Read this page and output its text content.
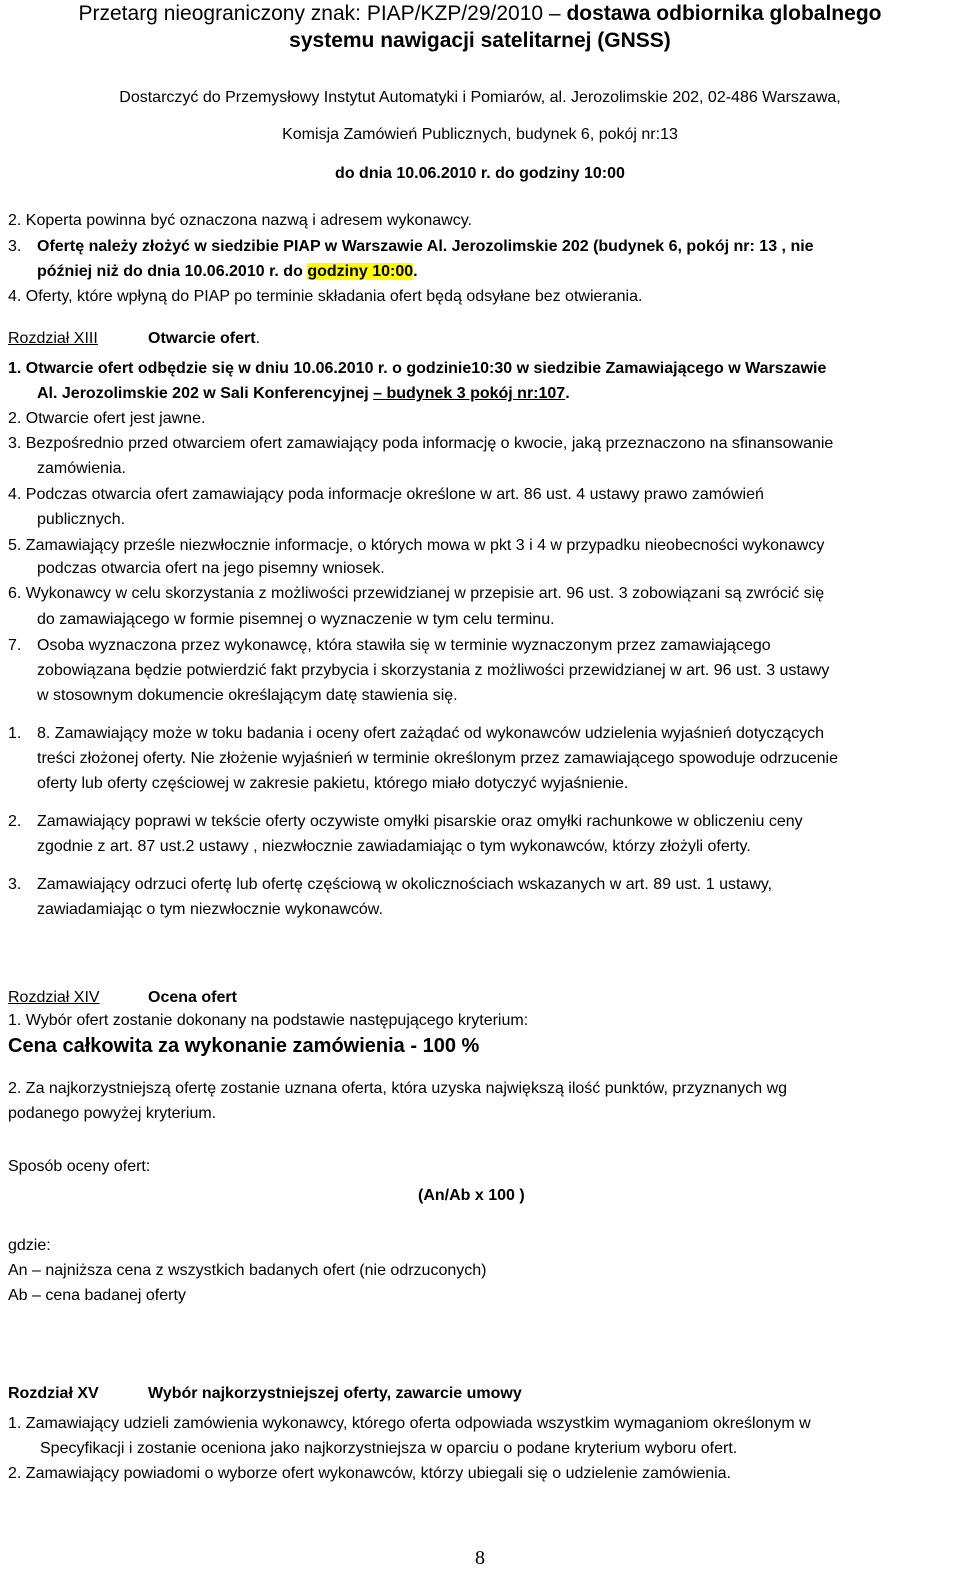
Przetarg nieograniczony znak: PIAP/KZP/29/2010 – dostawa odbiornika globalnego
systemu nawigacji satelitarnej (GNSS)
Dostarczyć do Przemysłowy Instytut Automatyki i Pomiarów, al. Jerozolimskie 202, 02-486 Warszawa,
Komisja Zamówień Publicznych, budynek 6, pokój nr:13
do dnia 10.06.2010 r. do godziny 10:00
2. Koperta powinna być oznaczona nazwą i adresem wykonawcy.
3. Ofertę należy złożyć w siedzibie PIAP w Warszawie Al. Jerozolimskie 202 (budynek 6, pokój nr: 13 , nie
później niż do dnia 10.06.2010 r. do godziny 10:00.
4. Oferty, które wpłyną do PIAP po terminie składania ofert będą odsyłane bez otwierania.
Rozdział XIII	Otwarcie ofert.
1. Otwarcie ofert odbędzie się w dniu 10.06.2010 r. o godzinie10:30 w siedzibie Zamawiającego w Warszawie
Al. Jerozolimskie 202 w Sali Konferencyjnej – budynek 3 pokój nr:107.
2. Otwarcie ofert jest jawne.
3. Bezpośrednio przed otwarciem ofert zamawiający poda informację o kwocie, jaką przeznaczono na sfinansowanie
zamówienia.
4. Podczas otwarcia ofert zamawiający poda informacje określone w art. 86 ust. 4 ustawy prawo zamówień
publicznych.
5. Zamawiający prześle niezwłocznie informacje, o których mowa w pkt 3 i 4 w przypadku nieobecności wykonawcy
podczas otwarcia ofert na jego pisemny wniosek.
6. Wykonawcy w celu skorzystania z możliwości przewidzianej w przepisie art. 96 ust. 3 zobowiązani są zwrócić się
do zamawiającego w formie pisemnej o wyznaczenie w tym celu terminu.
7. Osoba wyznaczona przez wykonawcę, która stawiła się w terminie wyznaczonym przez zamawiającego
zobowiązana będzie potwierdzić fakt przybycia i skorzystania z możliwości przewidzianej w art. 96 ust. 3 ustawy
w stosownym dokumencie określającym datę stawienia się.
1. 8. Zamawiający może w toku badania i oceny ofert zażądać od wykonawców udzielenia wyjaśnień dotyczących
treści złożonej oferty. Nie złożenie wyjaśnień w terminie określonym przez zamawiającego spowoduje odrzucenie
oferty lub oferty częściowej w zakresie pakietu, którego miało dotyczyć wyjaśnienie.
2. Zamawiający poprawi w tekście oferty oczywiste omyłki pisarskie oraz omyłki rachunkowe w obliczeniu ceny
zgodnie z art. 87 ust.2 ustawy , niezwłocznie zawiadamiając o tym wykonawców, którzy złożyli oferty.
3. Zamawiający odrzuci ofertę lub ofertę częściową w okolicznościach wskazanych w art. 89 ust. 1 ustawy,
zawiadamiając o tym niezwłocznie wykonawców.
Rozdział XIV	Ocena ofert
1. Wybór ofert zostanie dokonany na podstawie następującego kryterium:
Cena całkowita za wykonanie zamówienia - 100 %
2. Za najkorzystniejszą ofertę zostanie uznana oferta, która uzyska największą ilość punktów, przyznanych wg
podanego powyżej kryterium.
Sposób oceny ofert:
(An/Ab x 100 )
gdzie:
An – najniższa cena z wszystkich badanych ofert (nie odrzuconych)
Ab – cena badanej oferty
Rozdział XV	Wybór najkorzystniejszej oferty, zawarcie umowy
1. Zamawiający udzieli zamówienia wykonawcy, którego oferta odpowiada wszystkim wymaganiom określonym w
Specyfikacji i zostanie oceniona jako najkorzystniejsza w oparciu o podane kryterium wyboru ofert.
2. Zamawiający powiadomi o wyborze ofert wykonawców, którzy ubiegali się o udzielenie zamówienia.
8
